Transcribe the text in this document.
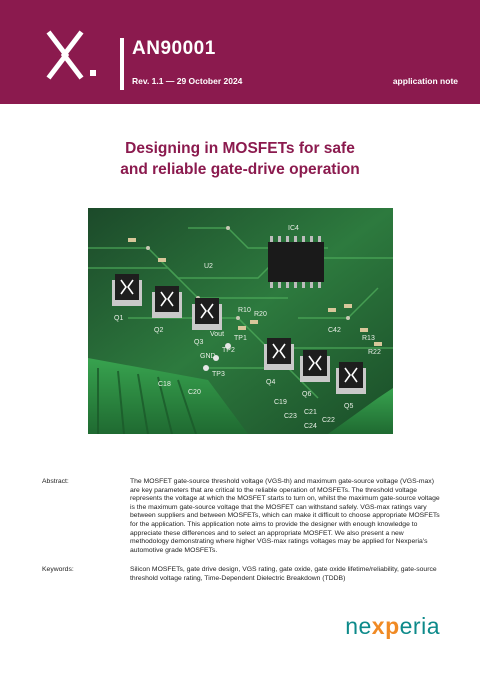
AN90001
Rev. 1.1 — 29 October 2024	application note
Designing in MOSFETs for safe
and reliable gate-drive operation
Q1
Q2
Q3
Q4
Q5
Q6
TP1
TP2
TP3
GND
Vout
R10
R20
C18
C19
C20
C21
C22
C23
C24
R13
R22
C42
IC4
U2
Abstract:	The MOSFET gate-source threshold voltage (VGS-th) and maximum gate-source voltage (VGS-max) are key parameters that are critical to the reliable operation of MOSFETs. The threshold voltage represents the voltage at which the MOSFET starts to turn on, whilst the maximum gate-source voltage is the maximum gate-source voltage that the MOSFET can withstand safely. VGS-max ratings vary between suppliers and between MOSFETs, which can make it difficult to choose appropriate MOSFETs for the application. This application note aims to provide the designer with enough knowledge to appreciate these differences and to select an appropriate MOSFET. We also present a new methodology demonstrating where higher VGS-max ratings voltages may be applied for Nexperia's automotive grade MOSFETs.
Keywords:	Silicon MOSFETs, gate drive design, VGS rating, gate oxide, gate oxide lifetime/reliability, gate-source threshold voltage rating, Time-Dependent Dielectric Breakdown (TDDB)
nexperia
